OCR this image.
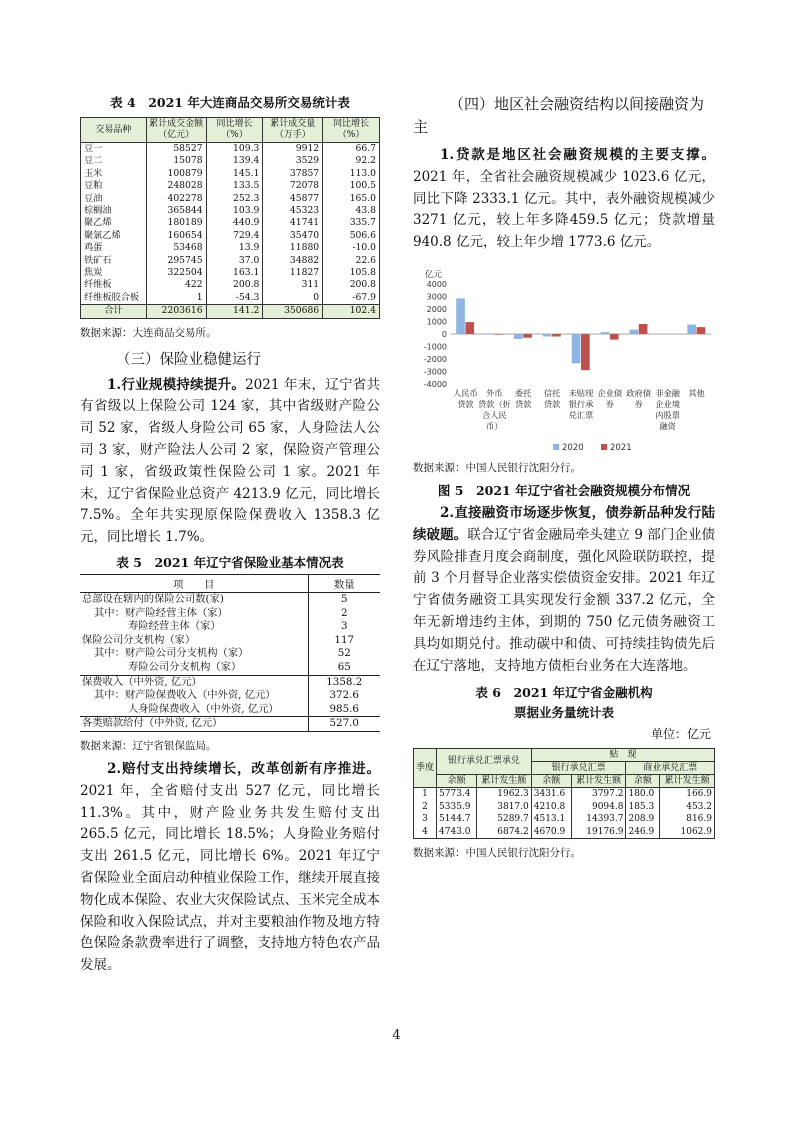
表 4　2021 年大连商品交易所交易统计表
交易品种	累计成交金额（亿元）	同比增长（%）	累计成交量（万手）	同比增长（%）
豆一	58527	109.3	9912	66.7
豆二	15078	139.4	3529	92.2
玉米	100879	145.1	37857	113.0
豆粕	248028	133.5	72078	100.5
豆油	402278	252.3	45877	165.0
棕榈油	365844	103.9	45323	43.8
聚乙烯	180189	440.9	41741	335.7
聚氯乙烯	160654	729.4	35470	506.6
鸡蛋	53468	13.9	11880	-10.0
铁矿石	295745	37.0	34882	22.6
焦炭	322504	163.1	11827	105.8
纤维板	422	200.8	311	200.8
纤维板胶合板	1	-54.3	0	-67.9
合计	2203616	141.2	350686	102.4
数据来源：大连商品交易所。
（三）保险业稳健运行

1.行业规模持续提升。2021 年末，辽宁省共有省级以上保险公司 124 家，其中省级财产险公司 52 家，省级人身险公司 65 家，人身险法人公司 3 家，财产险法人公司 2 家，保险资产管理公司 1 家，省级政策性保险公司 1 家。2021 年末，辽宁省保险业总资产 4213.9 亿元，同比增长 7.5%。全年共实现原保险保费收入 1358.3 亿元，同比增长 1.7%。

表 5　2021 年辽宁省保险业基本情况表
项　　目	数量
总部设在辖内的保险公司数(家)	5
其中：财产险经营主体（家）	2
寿险经营主体（家）	3
保险公司分支机构（家）	117
其中：财产险公司分支机构（家）	52
寿险公司分支机构（家）	65
保费收入（中外资, 亿元）	1358.2
其中：财产险保费收入（中外资, 亿元）	372.6
人身险保费收入（中外资, 亿元）	985.6
各类赔款给付（中外资, 亿元）	527.0
数据来源：辽宁省银保监局。

2.赔付支出持续增长，改革创新有序推进。2021 年，全省赔付支出 527 亿元，同比增长 11.3%。其中，财产险业务共发生赔付支出 265.5 亿元，同比增长 18.5%；人身险业务赔付支出 261.5 亿元，同比增长 6%。2021 年辽宁省保险业全面启动种植业保险工作，继续开展直接物化成本保险、农业大灾保险试点、玉米完全成本保险和收入保险试点，并对主要粮油作物及地方特色保险条款费率进行了调整，支持地方特色农产品发展。

（四）地区社会融资结构以间接融资为主

1.贷款是地区社会融资规模的主要支撑。2021 年，全省社会融资规模减少 1023.6 亿元，同比下降 2333.1 亿元。其中，表外融资规模减少3271 亿元，较上年多降459.5 亿元；贷款增量 940.8 亿元，较上年少增 1773.6 亿元。

亿元
4000
3000
2000
1000
0
-1000
-2000
-3000
-4000
人民币
贷款
外币
贷款（折
合人民
币）
委托
贷款
信托
贷款
未贴现
银行承
兑汇票
企业债
券
政府债
券
非金融
企业境
内股票
融资
其他
2020	2021
数据来源：中国人民银行沈阳分行。
图 5　2021 年辽宁省社会融资规模分布情况

2.直接融资市场逐步恢复，债券新品种发行陆续破题。联合辽宁省金融局牵头建立 9 部门企业债券风险排查月度会商制度，强化风险联防联控，提前 3 个月督导企业落实偿债资金安排。2021 年辽宁省债务融资工具实现发行金额 337.2 亿元，全年无新增违约主体，到期的 750 亿元债务融资工具均如期兑付。推动碳中和债、可持续挂钩债先后在辽宁落地，支持地方债柜台业务在大连落地。

表 6　2021 年辽宁省金融机构
票据业务量统计表
单位：亿元
季度	银行承兑汇票承兑		贴　现			
			银行承兑汇票		商业承兑汇票	
	余额	累计发生额	余额	累计发生额	余额	累计发生额
1	5773.4	1962.3	3431.6	3797.2	180.0	166.9
2	5335.9	3817.0	4210.8	9094.8	185.3	453.2
3	5144.7	5289.7	4513.1	14393.7	208.9	816.9
4	4743.0	6874.2	4670.9	19176.9	246.9	1062.9
数据来源：中国人民银行沈阳分行。
4
